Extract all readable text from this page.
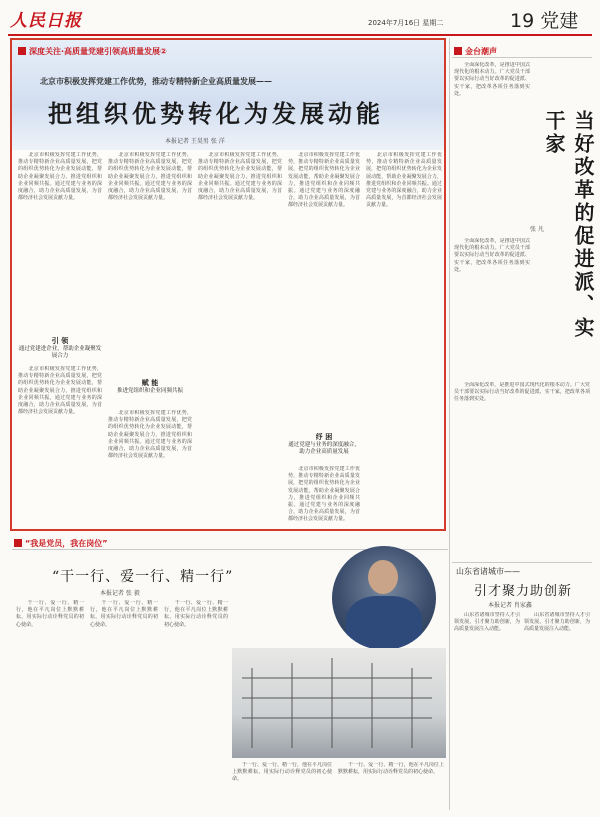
人民日报	2024年7月16日 星期二	19 党建
深度关注·高质量党建引领高质量发展②
北京市积极发挥党建工作优势，推动专精特新企业高质量发展——
把组织优势转化为发展动能
本报记者 王昊男 张 洋
　　北京市积极发挥党建工作优势，推动专精特新企业高质量发展，把党的组织优势转化为企业发展动能，帮助企业凝聚发展合力，推进党组织和企业同频共振。通过党建与业务的深度融合，助力企业高质量发展，为首都经济社会发展贡献力量。
引 领
通过党建进企业，帮助企业凝聚发展合力
　　北京市积极发挥党建工作优势，推动专精特新企业高质量发展，把党的组织优势转化为企业发展动能，帮助企业凝聚发展合力，推进党组织和企业同频共振。通过党建与业务的深度融合，助力企业高质量发展，为首都经济社会发展贡献力量。
　　北京市积极发挥党建工作优势，推动专精特新企业高质量发展，把党的组织优势转化为企业发展动能，帮助企业凝聚发展合力，推进党组织和企业同频共振。通过党建与业务的深度融合，助力企业高质量发展，为首都经济社会发展贡献力量。
赋 能
推进党组织和企业同频共振
　　北京市积极发挥党建工作优势，推动专精特新企业高质量发展，把党的组织优势转化为企业发展动能，帮助企业凝聚发展合力，推进党组织和企业同频共振。通过党建与业务的深度融合，助力企业高质量发展，为首都经济社会发展贡献力量。
　　北京市积极发挥党建工作优势，推动专精特新企业高质量发展，把党的组织优势转化为企业发展动能，帮助企业凝聚发展合力，推进党组织和企业同频共振。通过党建与业务的深度融合，助力企业高质量发展，为首都经济社会发展贡献力量。
　　北京市积极发挥党建工作优势，推动专精特新企业高质量发展，把党的组织优势转化为企业发展动能，帮助企业凝聚发展合力，推进党组织和企业同频共振。通过党建与业务的深度融合，助力企业高质量发展，为首都经济社会发展贡献力量。
纾 困
通过党建与业务的深度融合，助力企业高质量发展
　　北京市积极发挥党建工作优势，推动专精特新企业高质量发展，把党的组织优势转化为企业发展动能，帮助企业凝聚发展合力，推进党组织和企业同频共振。通过党建与业务的深度融合，助力企业高质量发展，为首都经济社会发展贡献力量。
　　北京市积极发挥党建工作优势，推动专精特新企业高质量发展，把党的组织优势转化为企业发展动能，帮助企业凝聚发展合力，推进党组织和企业同频共振。通过党建与业务的深度融合，助力企业高质量发展，为首都经济社会发展贡献力量。
金台潮声
　　全面深化改革，是推进中国式现代化的根本动力。广大党员干部要以实际行动当好改革的促进派、实干家，把改革各项任务落到实处。
当好改革的促进派、实干家
张 凡
　　全面深化改革，是推进中国式现代化的根本动力。广大党员干部要以实际行动当好改革的促进派、实干家，把改革各项任务落到实处。
　　全面深化改革，是推进中国式现代化的根本动力。广大党员干部要以实际行动当好改革的促进派、实干家，把改革各项任务落到实处。
山东省诸城市——
引才聚力助创新
本报记者 肖家鑫
　　山东省诸城市坚持人才引领发展，引才聚力助创新，为高质量发展注入动能。
　　山东省诸城市坚持人才引领发展，引才聚力助创新，为高质量发展注入动能。
“我是党员，我在岗位”
“干一行、爱一行、精一行”
本报记者 张 毅
　　干一行、爱一行、精一行，他在平凡岗位上默默耕耘，用实际行动诠释党员的初心使命。
　　干一行、爱一行、精一行，他在平凡岗位上默默耕耘，用实际行动诠释党员的初心使命。
　　干一行、爱一行、精一行，他在平凡岗位上默默耕耘，用实际行动诠释党员的初心使命。
　　干一行、爱一行、精一行，他在平凡岗位上默默耕耘，用实际行动诠释党员的初心使命。
　　干一行、爱一行、精一行，他在平凡岗位上默默耕耘，用实际行动诠释党员的初心使命。
